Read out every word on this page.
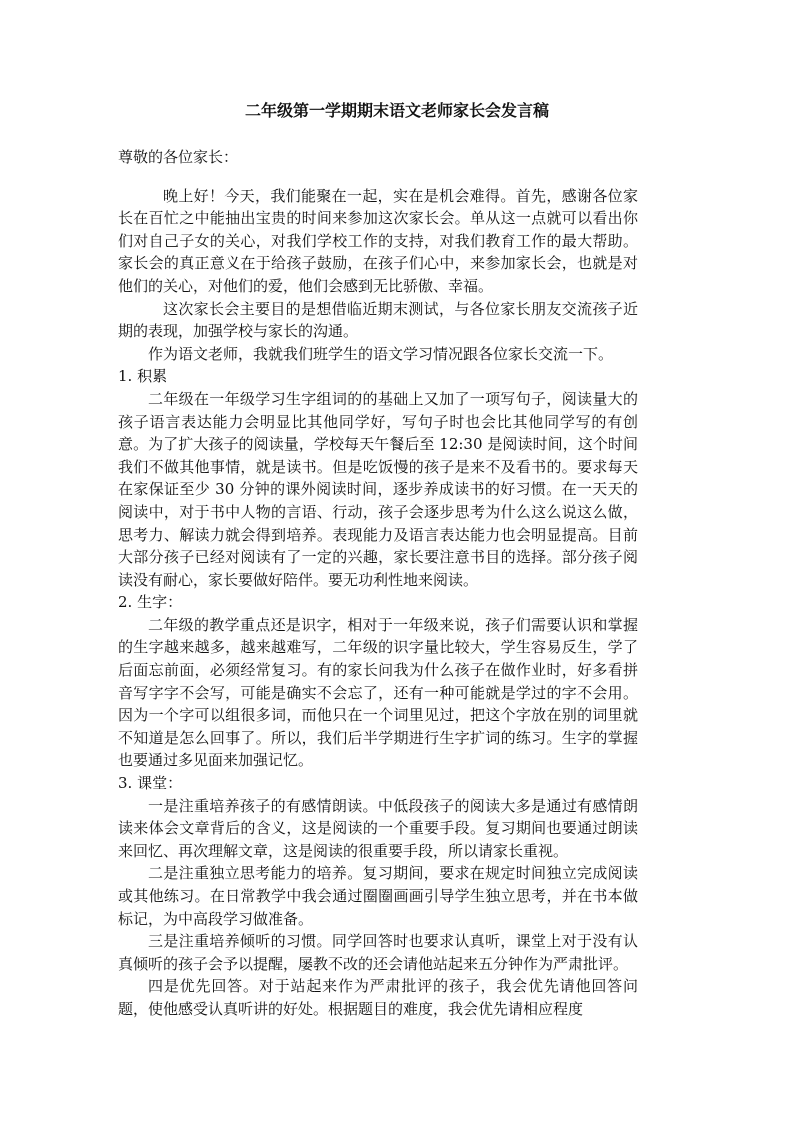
二年级第一学期期末语文老师家长会发言稿

尊敬的各位家长：

晚上好！今天，我们能聚在一起，实在是机会难得。首先，感谢各位家长在百忙之中能抽出宝贵的时间来参加这次家长会。单从这一点就可以看出你们对自己子女的关心，对我们学校工作的支持，对我们教育工作的最大帮助。家长会的真正意义在于给孩子鼓励，在孩子们心中，来参加家长会，也就是对他们的关心，对他们的爱，他们会感到无比骄傲、幸福。

这次家长会主要目的是想借临近期末测试，与各位家长朋友交流孩子近期的表现，加强学校与家长的沟通。

作为语文老师，我就我们班学生的语文学习情况跟各位家长交流一下。

1. 积累

二年级在一年级学习生字组词的的基础上又加了一项写句子，阅读量大的孩子语言表达能力会明显比其他同学好，写句子时也会比其他同学写的有创意。为了扩大孩子的阅读量，学校每天午餐后至 12:30 是阅读时间，这个时间我们不做其他事情，就是读书。但是吃饭慢的孩子是来不及看书的。要求每天在家保证至少 30 分钟的课外阅读时间，逐步养成读书的好习惯。在一天天的阅读中，对于书中人物的言语、行动，孩子会逐步思考为什么这么说这么做，思考力、解读力就会得到培养。表现能力及语言表达能力也会明显提高。目前大部分孩子已经对阅读有了一定的兴趣，家长要注意书目的选择。部分孩子阅读没有耐心，家长要做好陪伴。要无功利性地来阅读。

2. 生字：

二年级的教学重点还是识字，相对于一年级来说，孩子们需要认识和掌握的生字越来越多，越来越难写，二年级的识字量比较大，学生容易反生，学了后面忘前面，必须经常复习。有的家长问我为什么孩子在做作业时，好多看拼音写字字不会写，可能是确实不会忘了，还有一种可能就是学过的字不会用。因为一个字可以组很多词，而他只在一个词里见过，把这个字放在别的词里就不知道是怎么回事了。所以，我们后半学期进行生字扩词的练习。生字的掌握也要通过多见面来加强记忆。

3. 课堂：

一是注重培养孩子的有感情朗读。中低段孩子的阅读大多是通过有感情朗读来体会文章背后的含义，这是阅读的一个重要手段。复习期间也要通过朗读来回忆、再次理解文章，这是阅读的很重要手段，所以请家长重视。

二是注重独立思考能力的培养。复习期间，要求在规定时间独立完成阅读或其他练习。在日常教学中我会通过圈圈画画引导学生独立思考，并在书本做标记，为中高段学习做准备。

三是注重培养倾听的习惯。同学回答时也要求认真听，课堂上对于没有认真倾听的孩子会予以提醒，屡教不改的还会请他站起来五分钟作为严肃批评。

四是优先回答。对于站起来作为严肃批评的孩子，我会优先请他回答问题，使他感受认真听讲的好处。根据题目的难度，我会优先请相应程度
